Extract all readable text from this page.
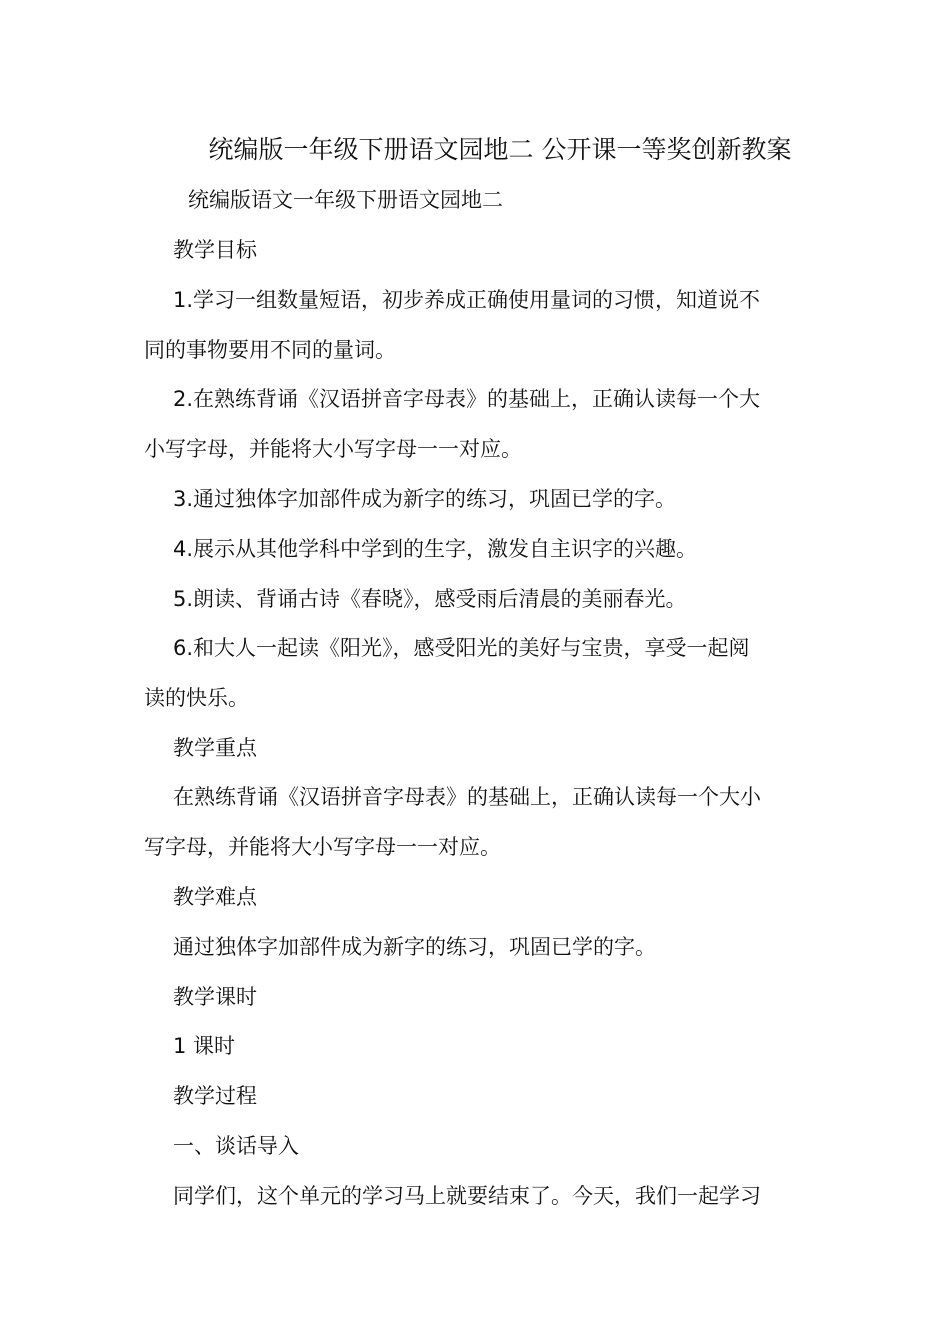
统编版一年级下册语文园地二 公开课一等奖创新教案
统编版语文一年级下册语文园地二
教学目标
1.学习一组数量短语，初步养成正确使用量词的习惯，知道说不
同的事物要用不同的量词。
2.在熟练背诵《汉语拼音字母表》的基础上，正确认读每一个大
小写字母，并能将大小写字母一一对应。
3.通过独体字加部件成为新字的练习，巩固已学的字。
4.展示从其他学科中学到的生字，激发自主识字的兴趣。
5.朗读、背诵古诗《春晓》，感受雨后清晨的美丽春光。
6.和大人一起读《阳光》，感受阳光的美好与宝贵，享受一起阅
读的快乐。
教学重点
在熟练背诵《汉语拼音字母表》的基础上，正确认读每一个大小
写字母，并能将大小写字母一一对应。
教学难点
通过独体字加部件成为新字的练习，巩固已学的字。
教学课时
1 课时
教学过程
一、谈话导入
同学们，这个单元的学习马上就要结束了。今天，我们一起学习
